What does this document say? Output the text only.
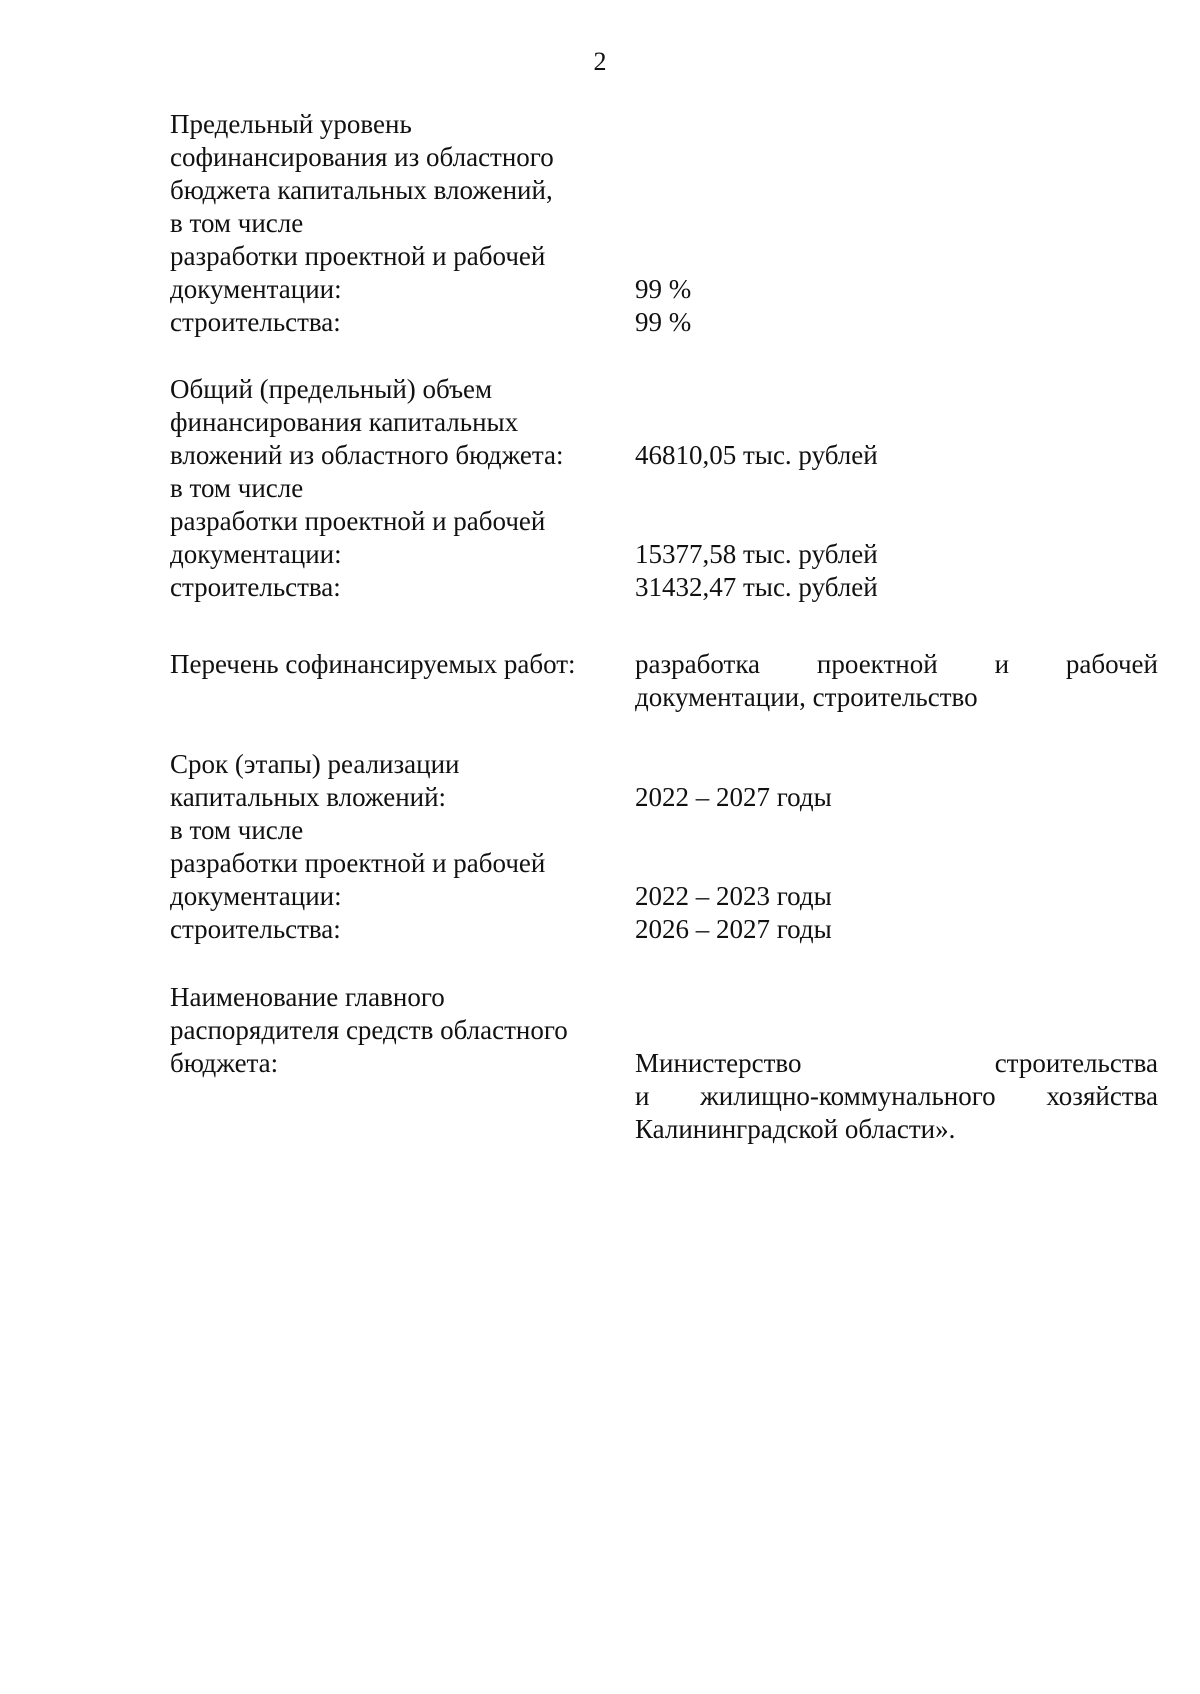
2
Предельный уровень
софинансирования из областного
бюджета капитальных вложений,
в том числе
разработки проектной и рабочей
документации:
строительства:
99 %
99 %
Общий (предельный) объем
финансирования капитальных
вложений из областного бюджета:
в том числе
разработки проектной и рабочей
документации:
строительства:
46810,05 тыс. рублей
15377,58 тыс. рублей
31432,47 тыс. рублей
Перечень софинансируемых работ: разработка проектной и рабочей
документации, строительство
Срок (этапы) реализации
капитальных вложений:
в том числе
разработки проектной и рабочей
документации:
строительства:
2022 – 2027 годы
2022 – 2023 годы
2026 – 2027 годы
Наименование главного
распорядителя средств областного
бюджета:	Министерство	строительства
и жилищно-коммунального хозяйства
Калининградской области».
